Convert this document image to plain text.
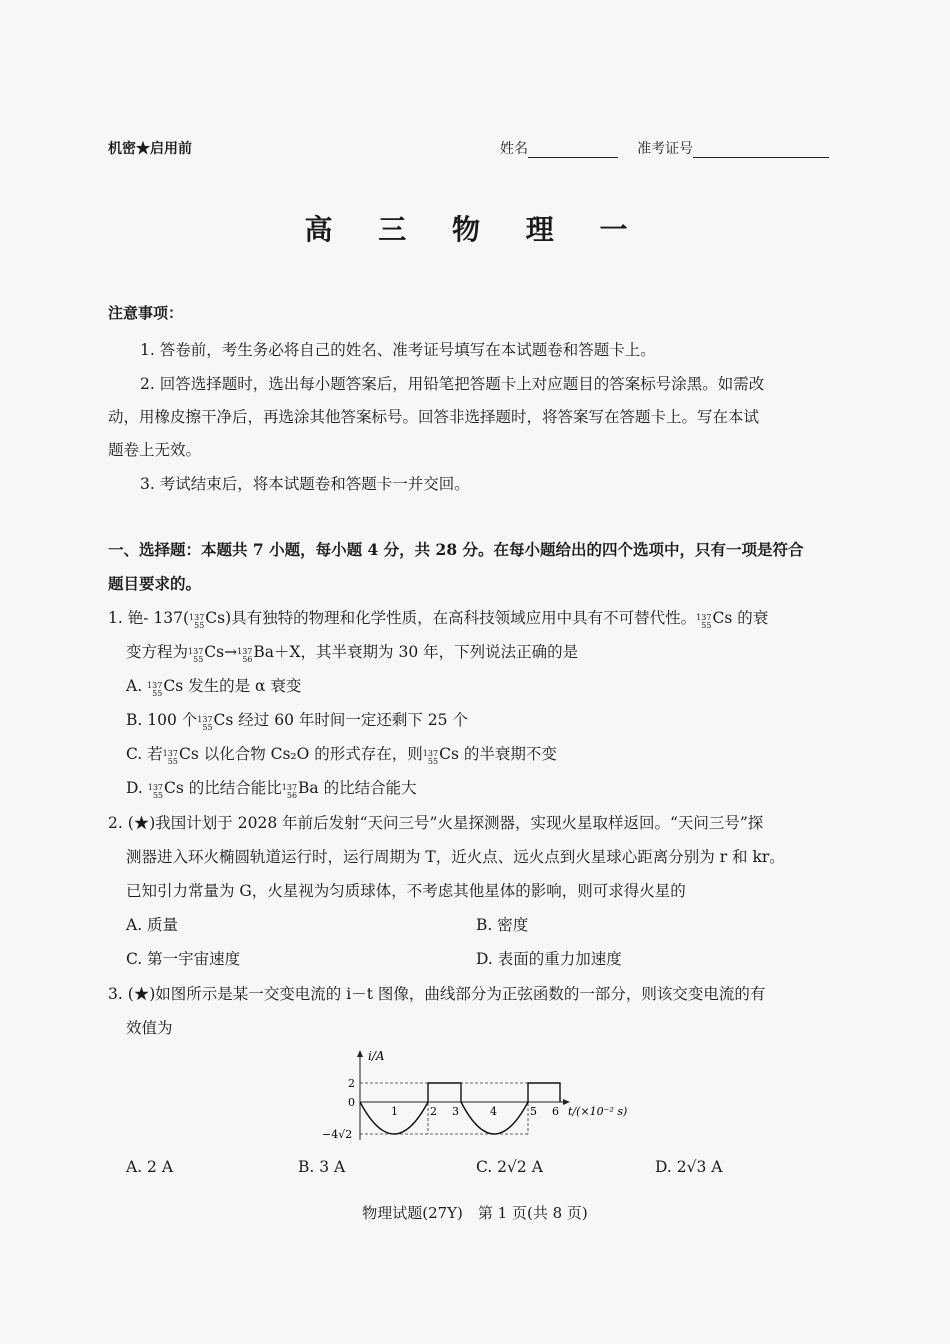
机密★启用前	姓名	准考证号
高 三 物 理 一
注意事项：
1. 答卷前，考生务必将自己的姓名、准考证号填写在本试题卷和答题卡上。
2. 回答选择题时，选出每小题答案后，用铅笔把答题卡上对应题目的答案标号涂黑。如需改
动，用橡皮擦干净后，再选涂其他答案标号。回答非选择题时，将答案写在答题卡上。写在本试
题卷上无效。
3. 考试结束后，将本试题卷和答题卡一并交回。
一、选择题：本题共 7 小题，每小题 4 分，共 28 分。在每小题给出的四个选项中，只有一项是符合
题目要求的。
1. 铯- 137( 137
55 Cs)具有独特的物理和化学性质，在高科技领域应用中具有不可替代性。 137
55 Cs 的衰
变方程为 137
55 Cs→ 137
56 Ba＋X，其半衰期为 30 年，下列说法正确的是
A. 137
55 Cs 发生的是 α 衰变
B. 100 个 137
55 Cs 经过 60 年时间一定还剩下 25 个
C. 若 137
55 Cs 以化合物 Cs₂O 的形式存在，则 137
55 Cs 的半衰期不变
D. 137
55 Cs 的比结合能比 137
56 Ba 的比结合能大
2. (★)我国计划于 2028 年前后发射“天问三号”火星探测器，实现火星取样返回。“天问三号”探
测器进入环火椭圆轨道运行时，运行周期为 T，近火点、远火点到火星球心距离分别为 r 和 kr。
已知引力常量为 G，火星视为匀质球体，不考虑其他星体的影响，则可求得火星的
A. 质量	B. 密度
C. 第一宇宙速度	D. 表面的重力加速度
3. (★)如图所示是某一交变电流的 i－t 图像，曲线部分为正弦函数的一部分，则该交变电流的有
效值为
i/A
2
0
−4√2
1	2 3	4	5 6 t/(×10⁻² s)
A. 2 A	B. 3 A	C. 2√2 A	D. 2√3 A
物理试题(27Y)　第 1 页(共 8 页)
